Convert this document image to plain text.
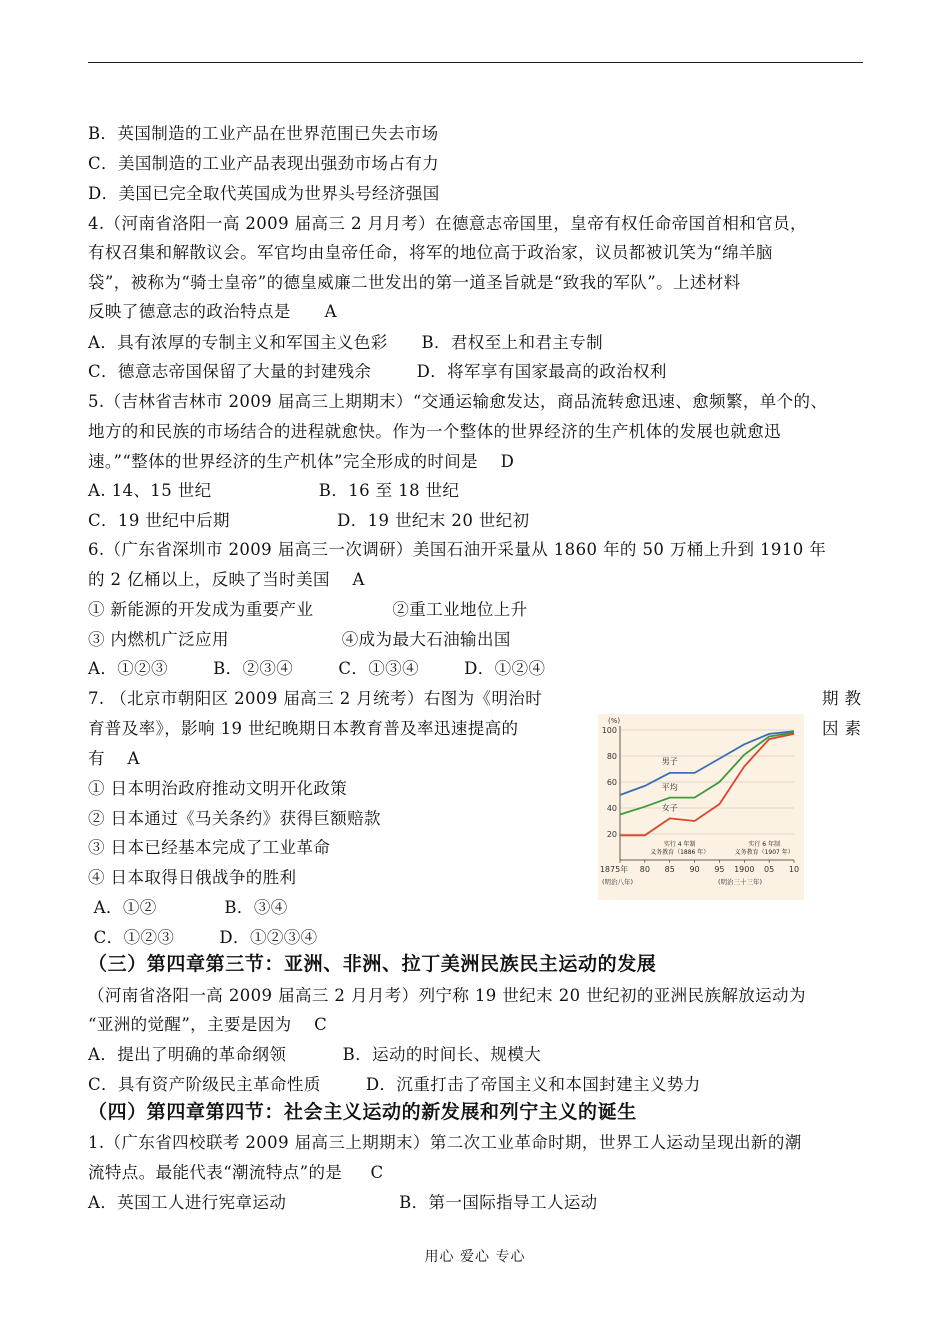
B．英国制造的工业产品在世界范围已失去市场
C．美国制造的工业产品表现出强劲市场占有力
D．美国已完全取代英国成为世界头号经济强国
4.（河南省洛阳一高 2009 届高三 2 月月考）在德意志帝国里，皇帝有权任命帝国首相和官员，
有权召集和解散议会。军官均由皇帝任命，将军的地位高于政治家，议员都被讥笑为“绵羊脑
袋”，被称为“骑士皇帝”的德皇威廉二世发出的第一道圣旨就是“致我的军队”。上述材料
反映了德意志的政治特点是      A
A．具有浓厚的专制主义和军国主义色彩      B．君权至上和君主专制
C．德意志帝国保留了大量的封建残余        D．将军享有国家最高的政治权利
5.（吉林省吉林市 2009 届高三上期期末）“交通运输愈发达，商品流转愈迅速、愈频繁，单个的、
地方的和民族的市场结合的进程就愈快。作为一个整体的世界经济的生产机体的发展也就愈迅
速。”“整体的世界经济的生产机体”完全形成的时间是    D
A. 14、15 世纪                   B．16 至 18 世纪
C．19 世纪中后期                   D．19 世纪末 20 世纪初
6.（广东省深圳市 2009 届高三一次调研）美国石油开采量从 1860 年的 50 万桶上升到 1910 年
的 2 亿桶以上，反映了当时美国    A
① 新能源的开发成为重要产业              ②重工业地位上升
③ 内燃机广泛应用                    ④成为最大石油输出国
A．①②③        B．②③④        C．①③④        D．①②④
7. （北京市朝阳区 2009 届高三 2 月统考）右图为《明治时
育普及率》，影响 19 世纪晚期日本教育普及率迅速提高的
有    A
① 日本明治政府推动文明开化政策
② 日本通过《马关条约》获得巨额赔款
③ 日本已经基本完成了工业革命
④ 日本取得日俄战争的胜利
A．①②            B．③④
C．①②③        D．①②③④
（河南省洛阳一高 2009 届高三 2 月月考）列宁称 19 世纪末 20 世纪初的亚洲民族解放运动为
“亚洲的觉醒”，主要是因为    C
A．提出了明确的革命纲领          B．运动的时间长、规模大
C．具有资产阶级民主革命性质        D．沉重打击了帝国主义和本国封建主义势力
1.（广东省四校联考 2009 届高三上期期末）第二次工业革命时期，世界工人运动呈现出新的潮
流特点。最能代表“潮流特点”的是     C
A．英国工人进行宪章运动                    B．第一国际指导工人运动
（三）第四章第三节：亚洲、非洲、拉丁美洲民族民主运动的发展
（四）第四章第四节：社会主义运动的新发展和列宁主义的诞生
期 教
因 素
100
80
60
40
20
(%)
1875年 80 85 90 95 1900 05 10
(明治八年)	(明治三十三年)
实行 4 年制
义务教育（1886 年）
实行 6 年制
义务教育（1907 年）
男子
平均
女子
用心 爱心 专心
